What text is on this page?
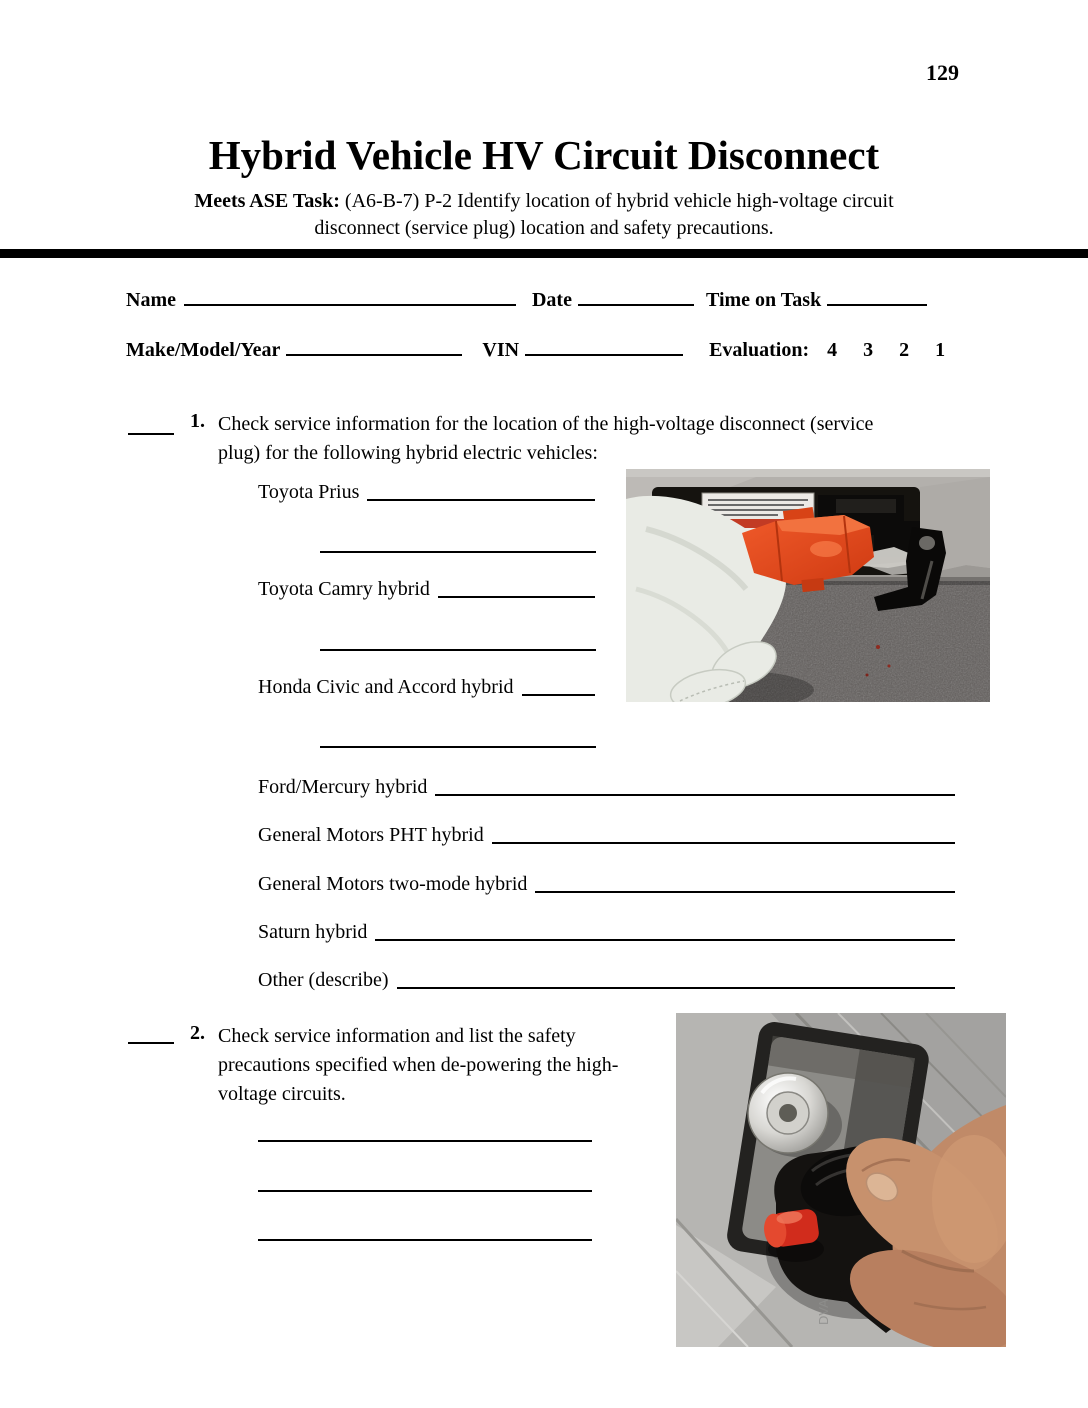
129
Hybrid Vehicle HV Circuit Disconnect
Meets ASE Task: (A6-B-7) P-2 Identify location of hybrid vehicle high-voltage circuit
disconnect (service plug) location and safety precautions.
Name	Date	Time on Task
Make/Model/Year	VIN	Evaluation: 4 3 2 1
1. Check service information for the location of the high-voltage disconnect (service
plug) for the following hybrid electric vehicles:
Toyota Prius
Toyota Camry hybrid
Honda Civic and Accord hybrid
Ford/Mercury hybrid
General Motors PHT hybrid
General Motors two-mode hybrid
Saturn hybrid
Other (describe)
2. Check service information and list the safety
precautions specified when de-powering the high-
voltage circuits.
DVA
